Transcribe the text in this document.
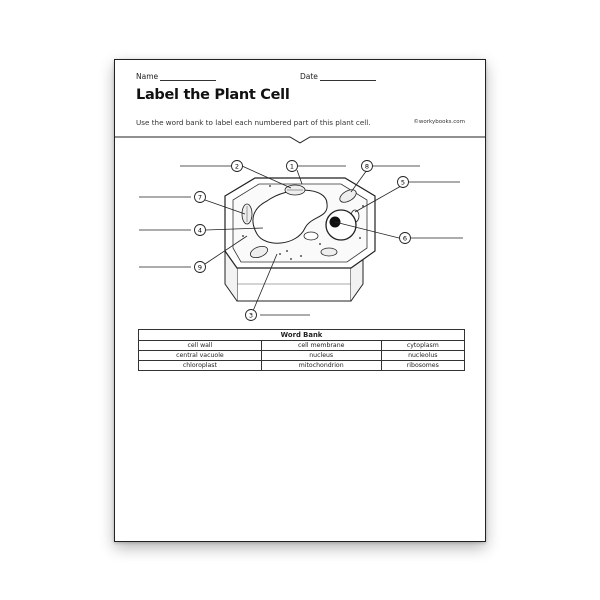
Name	Date
Label the Plant Cell
Use the word bank to label each numbered part of this plant cell.	©workybooks.com
2	1	8
5
7
4
6
9
3
Word Bank		
cell wall	cell membrane	cytoplasm
central vacuole	nucleus	nucleolus
chloroplast	mitochondrion	ribosomes
